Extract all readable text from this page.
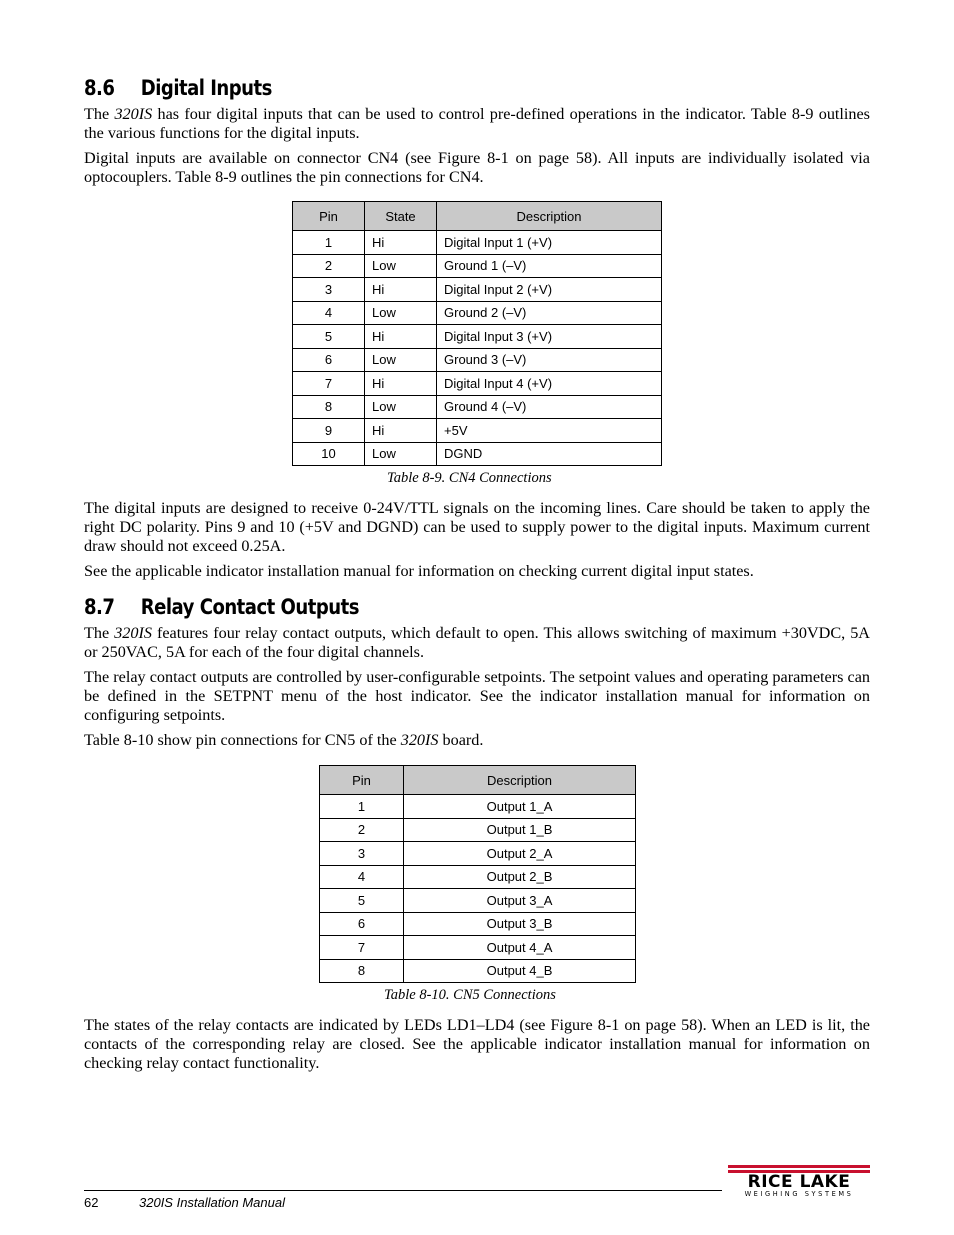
8.6 Digital Inputs

The 320IS has four digital inputs that can be used to control pre-defined operations in the indicator. Table 8-9 outlines the various functions for the digital inputs.

Digital inputs are available on connector CN4 (see Figure 8-1 on page 58). All inputs are individually isolated via optocouplers. Table 8-9 outlines the pin connections for CN4.

Pin	State	Description
1	Hi	Digital Input 1 (+V)
2	Low	Ground 1 (–V)
3	Hi	Digital Input 2 (+V)
4	Low	Ground 2 (–V)
5	Hi	Digital Input 3 (+V)
6	Low	Ground 3 (–V)
7	Hi	Digital Input 4 (+V)
8	Low	Ground 4 (–V)
9	Hi	+5V
10	Low	DGND
Table 8-9. CN4 Connections

The digital inputs are designed to receive 0-24V/TTL signals on the incoming lines. Care should be taken to apply the right DC polarity. Pins 9 and 10 (+5V and DGND) can be used to supply power to the digital inputs. Maximum current draw should not exceed 0.25A.

See the applicable indicator installation manual for information on checking current digital input states.

8.7 Relay Contact Outputs

The 320IS features four relay contact outputs, which default to open. This allows switching of maximum +30VDC, 5A or 250VAC, 5A for each of the four digital channels.

The relay contact outputs are controlled by user-configurable setpoints. The setpoint values and operating parameters can be defined in the SETPNT menu of the host indicator. See the indicator installation manual for information on configuring setpoints.

Table 8-10 show pin connections for CN5 of the 320IS board.

Pin	Description
1	Output 1_A
2	Output 1_B
3	Output 2_A
4	Output 2_B
5	Output 3_A
6	Output 3_B
7	Output 4_A
8	Output 4_B
Table 8-10. CN5 Connections

The states of the relay contacts are indicated by LEDs LD1–LD4 (see Figure 8-1 on page 58). When an LED is lit, the contacts of the corresponding relay are closed. See the applicable indicator installation manual for information on checking relay contact functionality.

62	320IS Installation Manual
RICE LAKE
WEIGHING SYSTEMS
